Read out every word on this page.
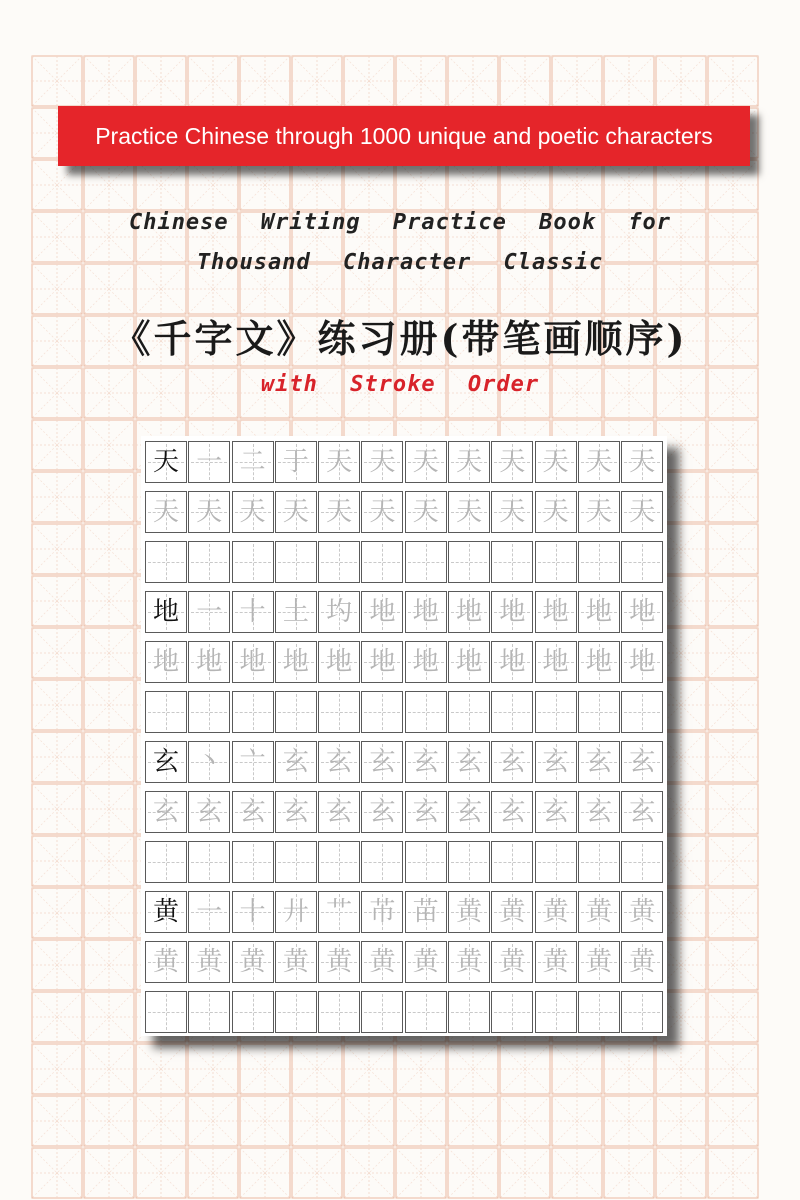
Practice Chinese through 1000 unique and poetic characters
Chinese Writing Practice Book for
Thousand Character Classic
《千字文》练习册(带笔画顺序)
with Stroke Order
天 一 二 于 天 天 天 天 天 天 天 天
天 天 天 天 天 天 天 天 天 天 天 天
地 一 十 土 圴 地 地 地 地 地 地 地
地 地 地 地 地 地 地 地 地 地 地 地
玄 丶 亠 玄 玄 玄 玄 玄 玄 玄 玄 玄
玄 玄 玄 玄 玄 玄 玄 玄 玄 玄 玄 玄
黄 一 十 廾 艹 芇 苗 黄 黄 黄 黄 黄
黄 黄 黄 黄 黄 黄 黄 黄 黄 黄 黄 黄
